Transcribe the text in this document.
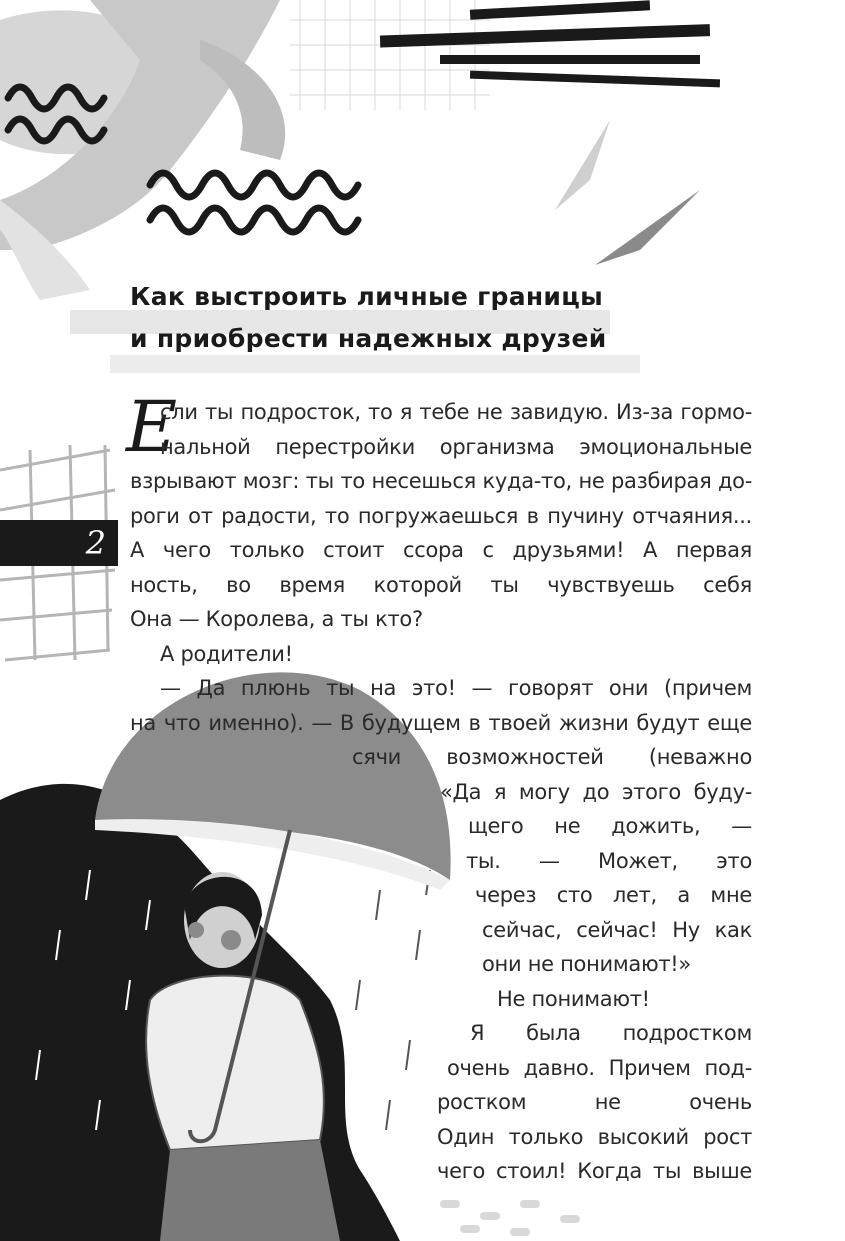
Как выстроить личные границы
и приобрести надежных друзей
2
Е
сли ты подросток, то я тебе не завидую. Из-за гормо-
нальной перестройки организма эмоциональные
взрывают мозг: ты то несешься куда-то, не разбирая до-
роги от радости, то погружаешься в пучину отчаяния...
А чего только стоит ссора с друзьями! А первая
ность, во время которой ты чувствуешь себя
Она — Королева, а ты кто?
А родители!
— Да плюнь ты на это! — говорят они (причем
на что именно). — В будущем в твоей жизни будут еще
сячи возможностей (неважно
«Да я могу до этого буду-
щего не дожить, —
ты. — Может, это
через сто лет, а мне
сейчас, сейчас! Ну как
они не понимают!»
Не понимают!
Я была подростком
очень давно. Причем под-
ростком не очень
Один только высокий рост
чего стоил! Когда ты выше
